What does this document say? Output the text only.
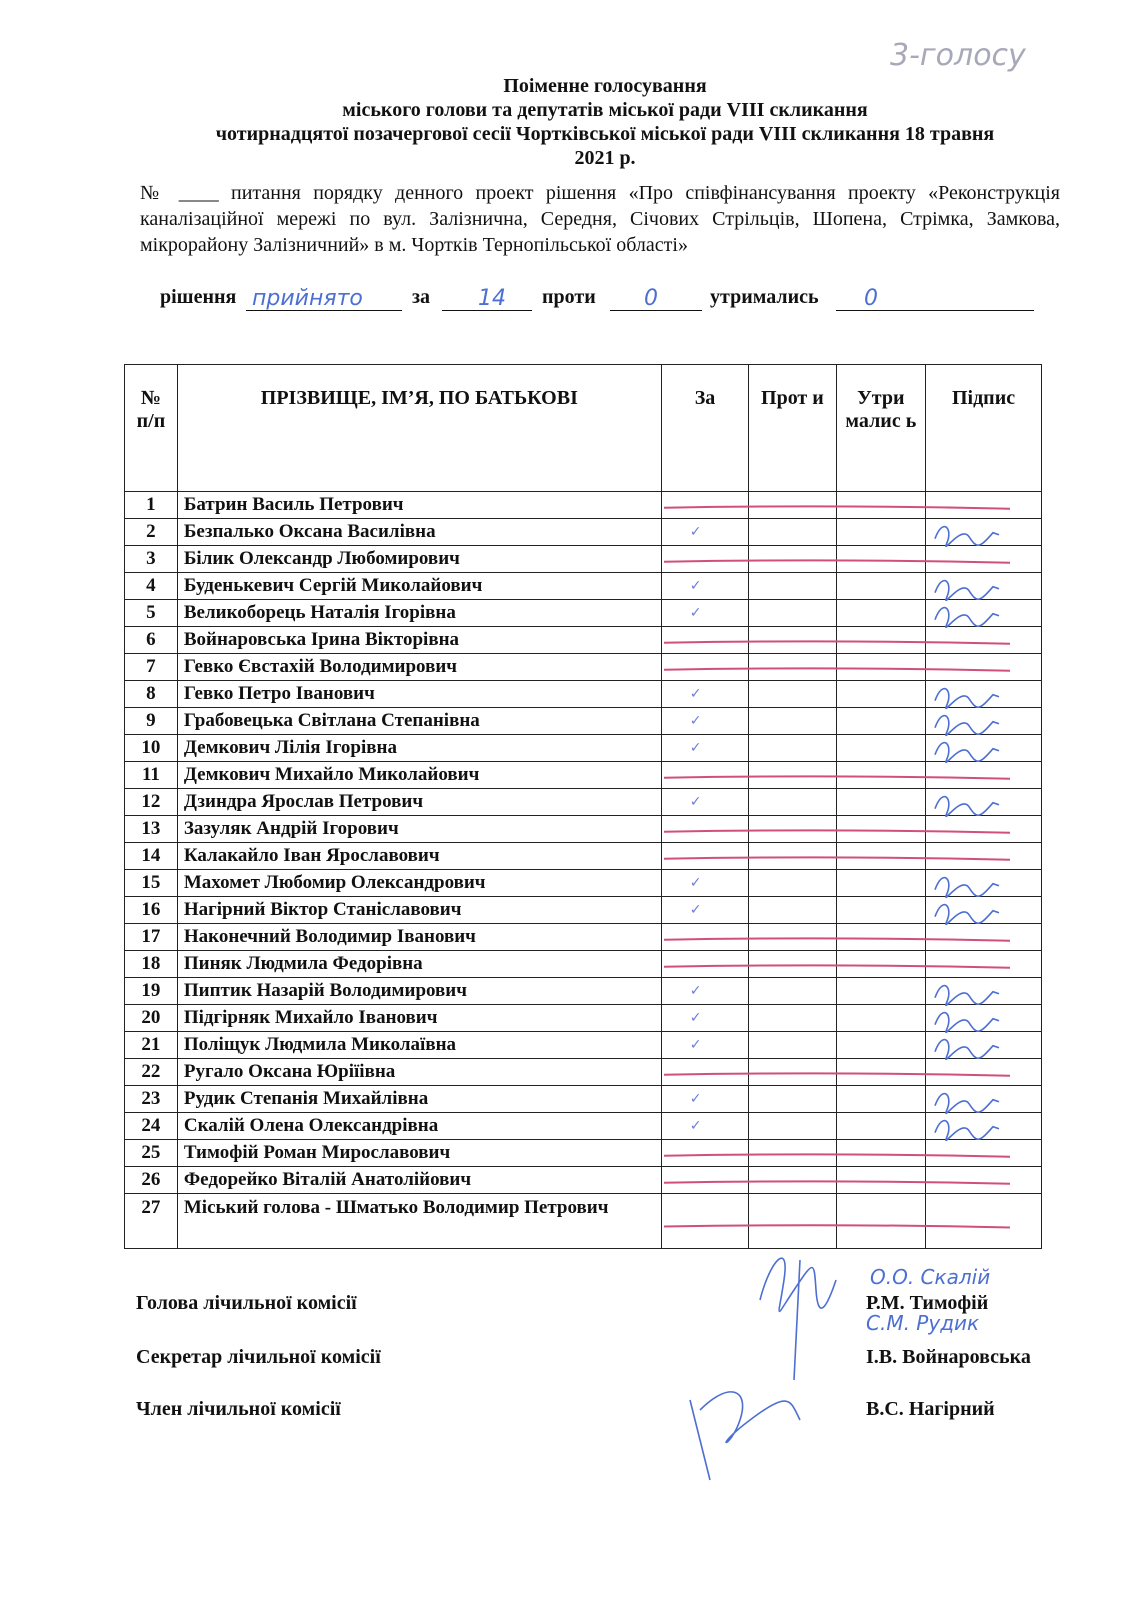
3-голосу
Поіменне голосування
міського голови та депутатів міської ради VIII скликання
чотирнадцятої позачергової сесії Чортківської міської ради VIII скликання 18 травня
2021 р.
№ ____ питання порядку денного проект рішення «Про співфінансування проекту «Реконструкція каналізаційної мережі по вул. Залізнична, Середня, Січових Стрільців, Шопена, Стрімка, Замкова, мікрорайону Залізничний» в м. Чортків Тернопільської області»
рішення прийнято за 14 проти 0	утримались 0
№ п/п	ПРІЗВИЩЕ, ІМ’Я, ПО БАТЬКОВІ	За	Прот и	Утри малис ь	Підпис
1	Батрин Василь Петрович				
2	Безпалько Оксана Василівна	✓			

3	Білик Олександр Любомирович				
4	Буденькевич Сергій Миколайович	✓			

5	Великоборець Наталія Ігорівна	✓			

6	Войнаровська Ірина Вікторівна				
7	Гевко Євстахій Володимирович				
8	Гевко Петро Іванович	✓			

9	Грабовецька Світлана Степанівна	✓			

10	Демкович Лілія Ігорівна	✓			

11	Демкович Михайло Миколайович				
12	Дзиндра Ярослав Петрович	✓			

13	Зазуляк Андрій Ігорович				
14	Калакайло Іван Ярославович				
15	Махомет Любомир Олександрович	✓			

16	Нагірний Віктор Станіславович	✓			

17	Наконечний Володимир Іванович				
18	Пиняк Людмила Федорівна				
19	Пиптик Назарій Володимирович	✓			

20	Підгірняк Михайло Іванович	✓			

21	Поліщук Людмила Миколаївна	✓			

22	Ругало Оксана Юріїівна				
23	Рудик Степанія Михайлівна	✓			

24	Скалій Олена Олександрівна	✓			

25	Тимофій Роман Мирославович				
26	Федорейко Віталій Анатолійович				
27	Міський голова - Шматько Володимир Петрович				
О.О. Скалій
С.М. Рудик
Голова лічильної комісії	Р.М. Тимофій
Секретар лічильної комісії	І.В. Войнаровська
Член лічильної комісії	В.С. Нагірний
